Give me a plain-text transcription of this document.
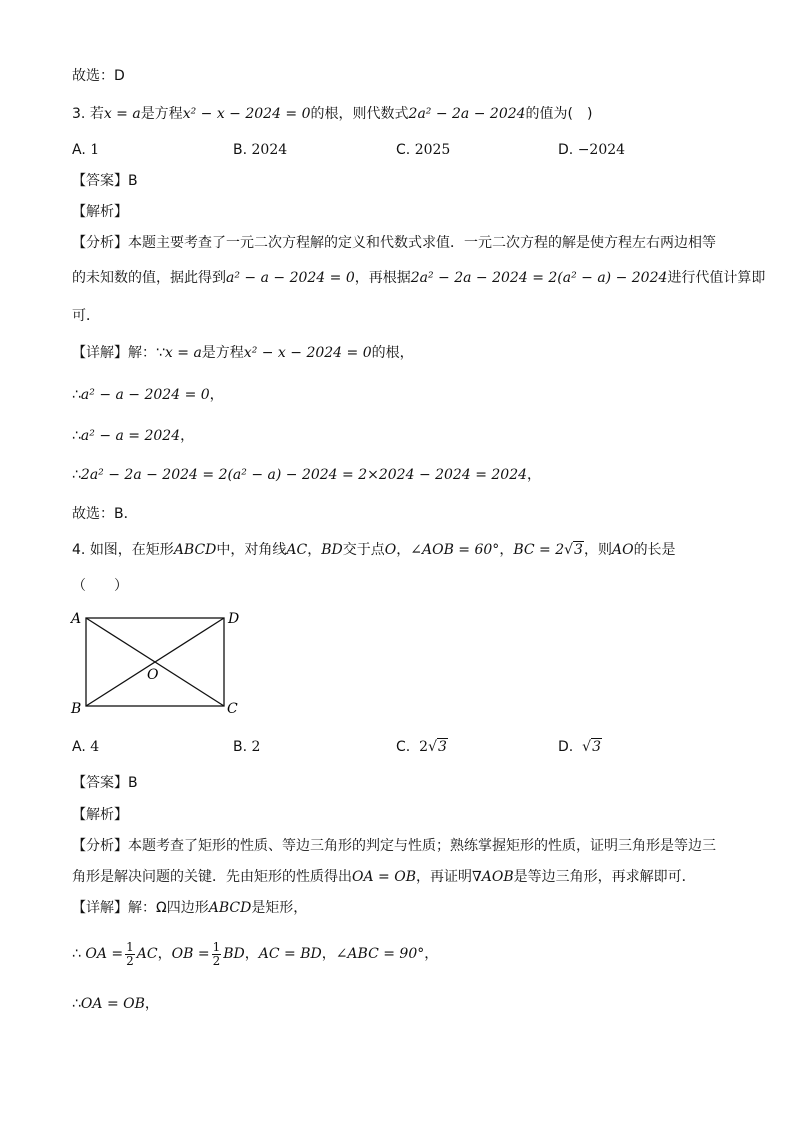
故选：D
3. 若x = a是方程x² − x − 2024 = 0的根，则代数式2a² − 2a − 2024的值为(　)
A. 1	B. 2024	C. 2025	D. −2024
【答案】B
【解析】
【分析】本题主要考查了一元二次方程解的定义和代数式求值．一元二次方程的解是使方程左右两边相等
的未知数的值，据此得到a² − a − 2024 = 0，再根据2a² − 2a − 2024 = 2(a² − a) − 2024进行代值计算即
可．
【详解】解：∵x = a是方程x² − x − 2024 = 0的根，
∴a² − a − 2024 = 0，
∴a² − a = 2024，
∴2a² − 2a − 2024 = 2(a² − a) − 2024 = 2×2024 − 2024 = 2024，
故选：B．
4. 如图，在矩形ABCD中，对角线AC，BD交于点O，∠AOB = 60°，BC = 2√3，则AO的长是
（　　）
A	D
B	C
O
A. 4	B. 2	C. 2√3	D. √3
【答案】B
【解析】
【分析】本题考查了矩形的性质、等边三角形的判定与性质；熟练掌握矩形的性质，证明三角形是等边三
角形是解决问题的关键．先由矩形的性质得出OA = OB，再证明∇AOB是等边三角形，再求解即可．
【详解】解：Ω四边形ABCD是矩形，
∴ OA = $\frac{1}{2}$ AC，OB = $\frac{1}{2}$ BD，AC = BD，∠ABC = 90°，
∴OA = OB，
